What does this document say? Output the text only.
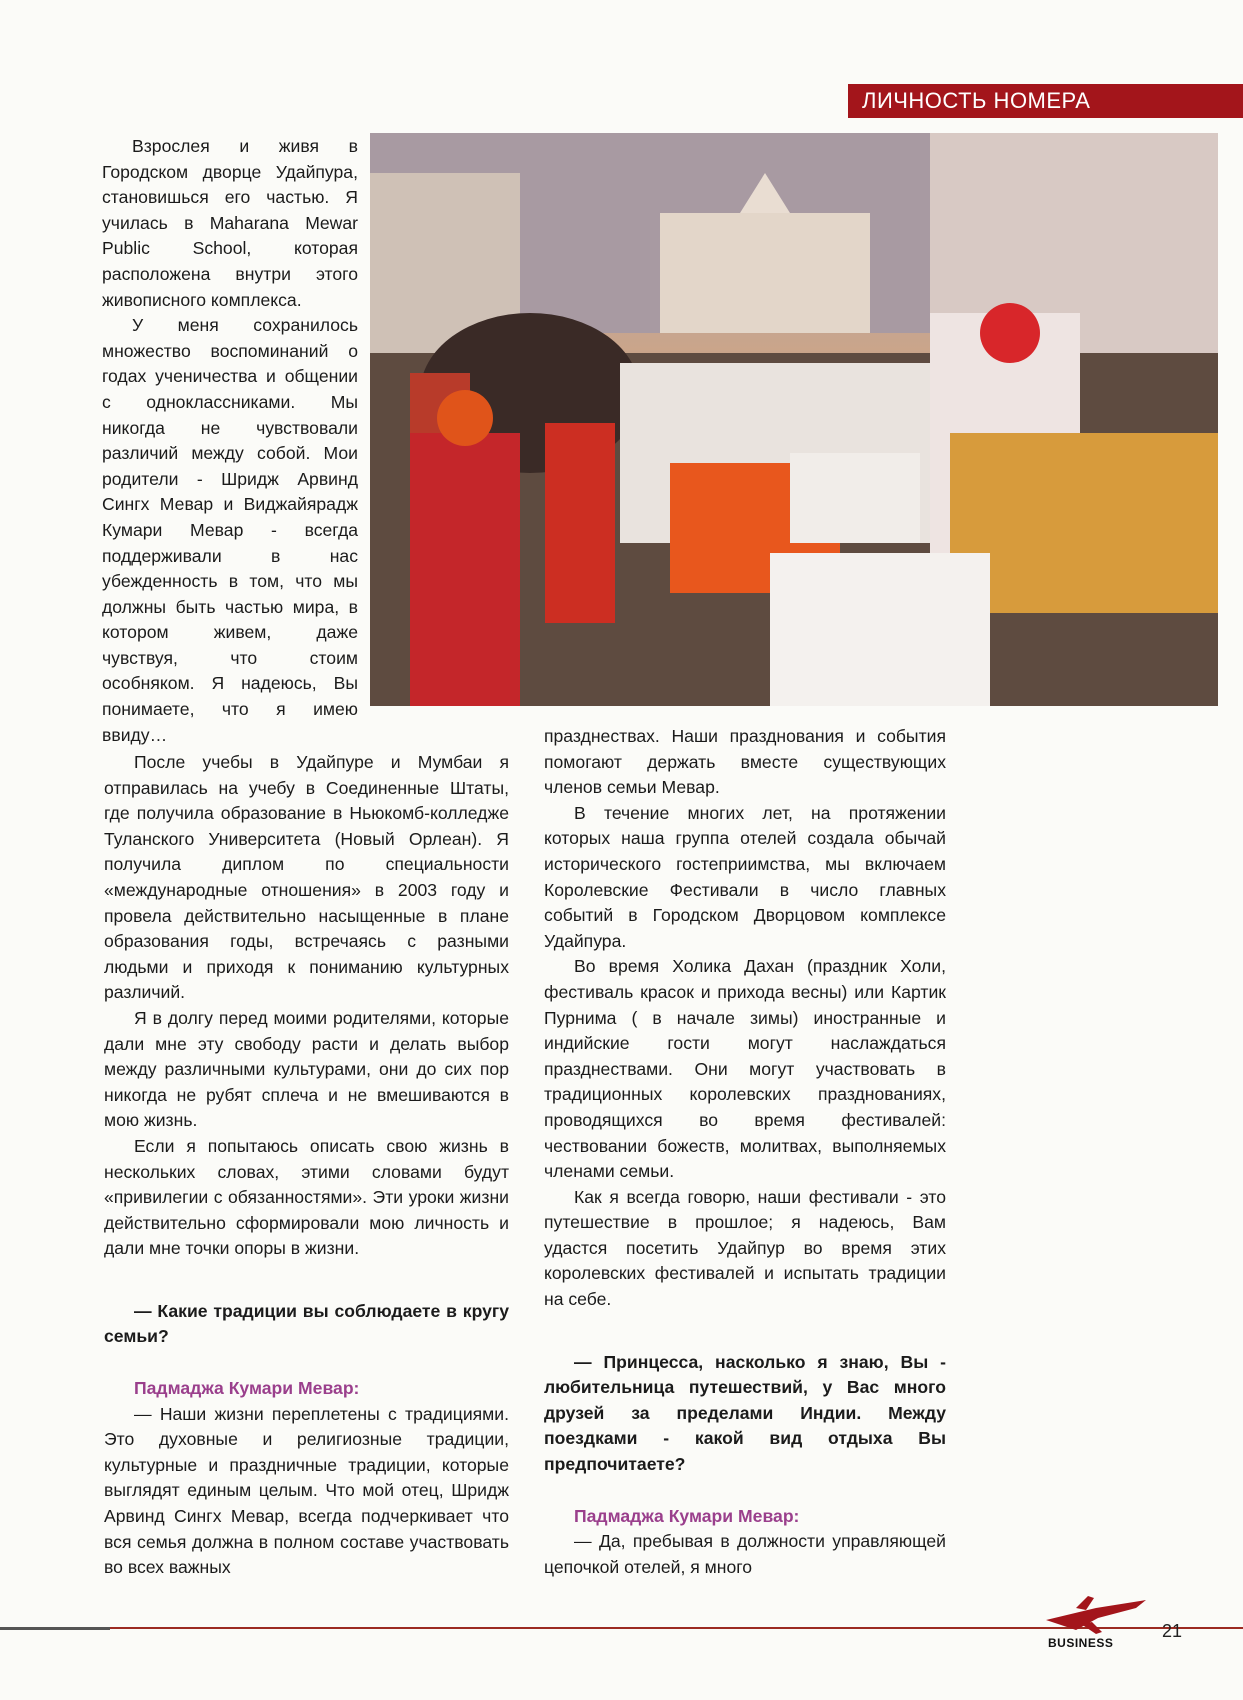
ЛИЧНОСТЬ НОМЕРА

Взрослея и живя в Городском дворце Удайпура, становишься его частью. Я училась в Maharana Mewar Public School, которая расположена внутри этого живописного комплекса.

У меня сохранилось множество воспоминаний о годах ученичества и общении с одноклассниками. Мы никогда не чувствовали различий между собой. Мои родители - Шридж Арвинд Сингх Мевар и Виджайярадж Кумари Мевар - всегда поддерживали в нас убежденность в том, что мы должны быть частью мира, в котором живем, даже чувствуя, что стоим особняком. Я надеюсь, Вы понимаете, что я имею ввиду…

После учебы в Удайпуре и Мумбаи я отправилась на учебу в Соединенные Штаты, где получила образование в Ньюкомб-колледже Туланского Университета (Новый Орлеан). Я получила диплом по специальности «международные отношения» в 2003 году и провела действительно насыщенные в плане образования годы, встречаясь с разными людьми и приходя к пониманию культурных различий.

Я в долгу перед моими родителями, которые дали мне эту свободу расти и делать выбор между различными культурами, они до сих пор никогда не рубят сплеча и не вмешиваются в мою жизнь.

Если я попытаюсь описать свою жизнь в нескольких словах, этими словами будут «привилегии с обязанностями». Эти уроки жизни действительно сформировали мою личность и дали мне точки опоры в жизни.

— Какие традиции вы соблюдаете в кругу семьи?

Падмаджа Кумари Мевар:

— Наши жизни переплетены с традициями. Это духовные и религиозные традиции, культурные и праздничные традиции, которые выглядят единым целым. Что мой отец, Шридж Арвинд Сингх Мевар, всегда подчеркивает что вся семья должна в полном составе участвовать во всех важных

празднествах. Наши празднования и события помогают держать вместе существующих членов семьи Мевар.

В течение многих лет, на протяжении которых наша группа отелей создала обычай исторического гостеприимства, мы включаем Королевские Фестивали в число главных событий в Городском Дворцовом комплексе Удайпура.

Во время Холика Дахан (праздник Холи, фестиваль красок и прихода весны) или Картик Пурнима ( в начале зимы) иностранные и индийские гости могут наслаждаться празднествами. Они могут участвовать в традиционных королевских празднованиях, проводящихся во время фестивалей: чествовании божеств, молитвах, выполняемых членами семьи.

Как я всегда говорю, наши фестивали - это путешествие в прошлое; я надеюсь, Вам удастся посетить Удайпур во время этих королевских фестивалей и испытать традиции на себе.

— Принцесса, насколько я знаю, Вы - любительница путешествий, у Вас много друзей за пределами Индии. Между поездками - какой вид отдыха Вы предпочитаете?

Падмаджа Кумари Мевар:

— Да, пребывая в должности управляющей цепочкой отелей, я много

BUSINESS
21
